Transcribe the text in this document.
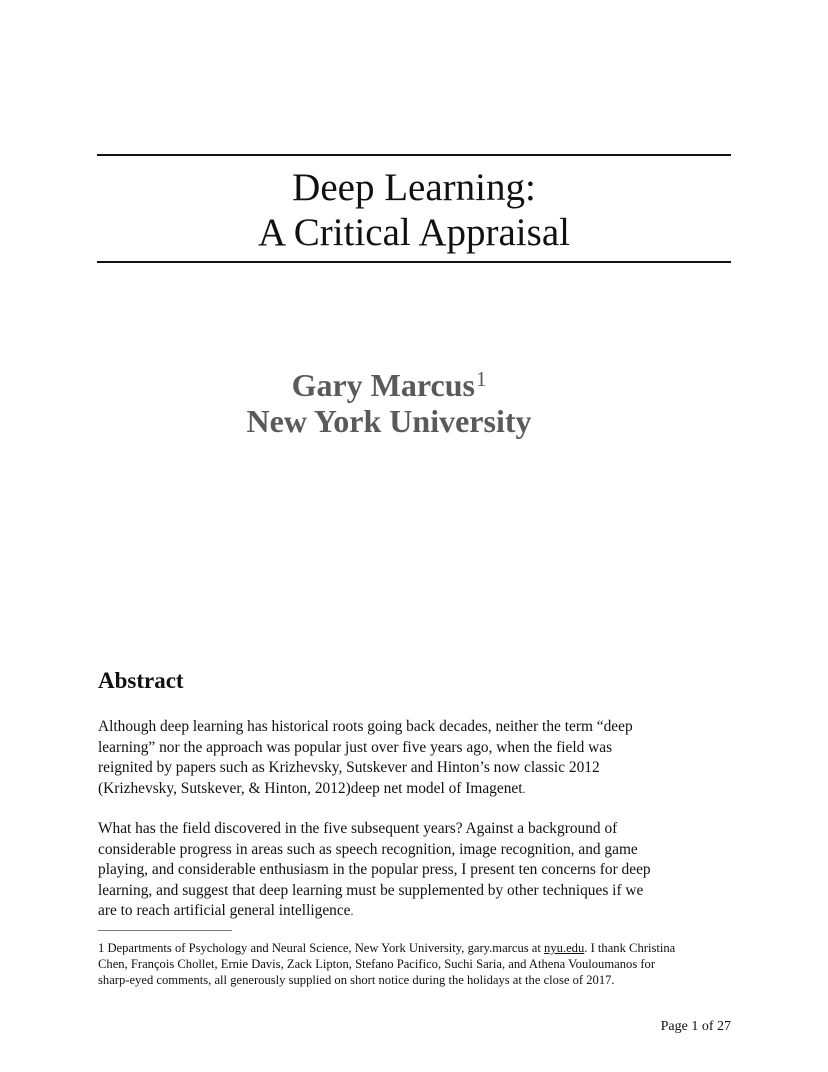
Deep Learning:
A Critical Appraisal
Gary Marcus$^1$
New York University
Abstract
Although deep learning has historical roots going back decades, neither the term “deep
learning” nor the approach was popular just over five years ago, when the field was
reignited by papers such as Krizhevsky, Sutskever and Hinton’s now classic 2012
(Krizhevsky, Sutskever, & Hinton, 2012)deep net model of Imagenet.
What has the field discovered in the five subsequent years? Against a background of
considerable progress in areas such as speech recognition, image recognition, and game
playing, and considerable enthusiasm in the popular press, I present ten concerns for deep
learning, and suggest that deep learning must be supplemented by other techniques if we
are to reach artificial general intelligence.
1 Departments of Psychology and Neural Science, New York University, gary.marcus at nyu.edu. I thank Christina
Chen, François Chollet, Ernie Davis, Zack Lipton, Stefano Pacifico, Suchi Saria, and Athena Vouloumanos for
sharp-eyed comments, all generously supplied on short notice during the holidays at the close of 2017.
Page 1 of 27
